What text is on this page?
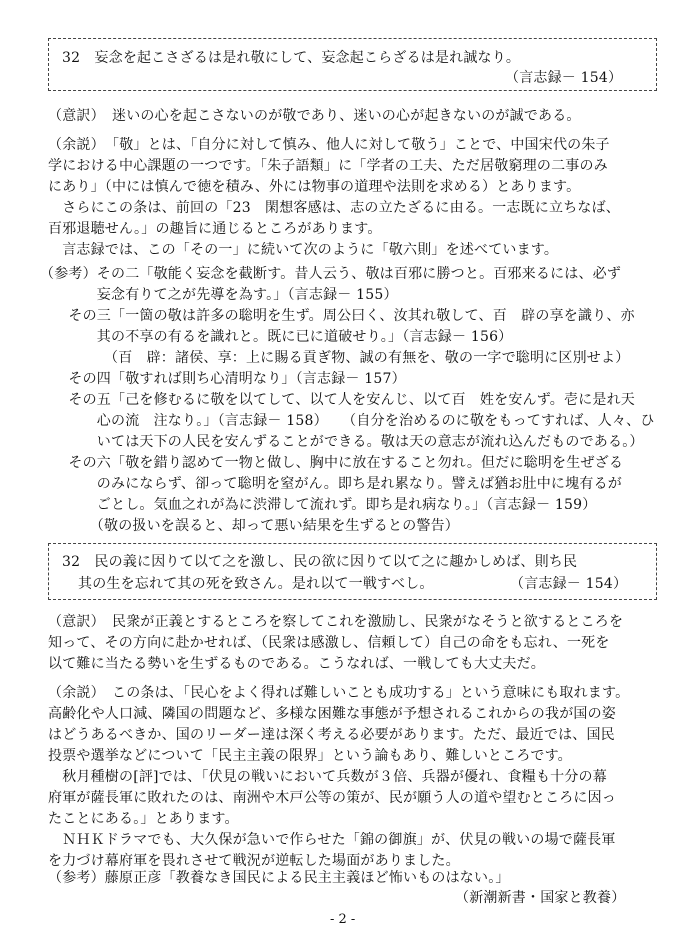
32　妄念を起こさざるは是れ敬にして、妄念起こらざるは是れ誠なり。
（言志録－ 154）
（意訳）　迷いの心を起こさないのが敬であり、迷いの心が起きないのが誠である。
（余説）　「敬」とは、「自分に対して慎み、他人に対して敬う」ことで、中国宋代の朱子
学における中心課題の一つです。「朱子語類」に「学者の工夫、ただ居敬窮理の二事のみ
にあり」（中には慎んで徳を積み、外には物事の道理や法則を求める）とあります。
　さらにこの条は、前回の「23　閑想客感は、志の立たざるに由る。一志既に立ちなば、
百邪退聴せん。」の趣旨に通じるところがあります。
　言志録では、この「その一」に続いて次のように「敬六則」を述べています。
（参考）その二「敬能く妄念を截断す。昔人云う、敬は百邪に勝つと。百邪来るには、必ず
　　　　妄念有りて之が先導を為す。」（言志録－ 155）
　　その三「一箇の敬は許多の聡明を生ず。周公曰く、汝其れ敬して、百　辟の享を識り、亦
　　　　其の不享の有るを識れと。既に已に道破せり。」（言志録－ 156）
　　　　　（百　辟：諸侯、享：上に賜る貢ぎ物、誠の有無を、敬の一字で聡明に区別せよ）
　　その四「敬すれば則ち心清明なり」（言志録－ 157）
　　その五「己を修むるに敬を以てして、以て人を安んじ、以て百　姓を安んず。壱に是れ天
　　　　心の流　注なり。」（言志録－ 158）　　（自分を治めるのに敬をもってすれば、人々、ひ
　　　　いては天下の人民を安んずることができる。敬は天の意志が流れ込んだものである。）
　　その六「敬を錯り認めて一物と做し、胸中に放在すること勿れ。但だに聡明を生ぜざる
　　　　のみにならず、卻って聡明を窒がん。即ち是れ累なり。譬えば猶お肚中に塊有るが
　　　　ごとし。気血之れが為に渋滞して流れず。即ち是れ病なり。」（言志録－ 159）
　　　　（敬の扱いを誤ると、却って悪い結果を生ずるとの警告）
32　民の義に因りて以て之を激し、民の欲に因りて以て之に趣かしめば、則ち民
其の生を忘れて其の死を致さん。是れ以て一戦すべし。	（言志録－ 154）
（意訳）　民衆が正義とするところを察してこれを激励し、民衆がなそうと欲するところを
知って、その方向に赴かせれば、（民衆は感激し、信頼して）自己の命をも忘れ、一死を
以て難に当たる勢いを生ずるものである。こうなれば、一戦しても大丈夫だ。
（余説）　この条は、「民心をよく得れば難しいことも成功する」という意味にも取れます。
高齢化や人口減、隣国の問題など、多様な困難な事態が予想されるこれからの我が国の姿
はどうあるべきか、国のリーダー達は深く考える必要があります。ただ、最近では、国民
投票や選挙などについて「民主主義の限界」という論もあり、難しいところです。
　秋月種樹の[評]では、「伏見の戦いにおいて兵数が３倍、兵器が優れ、食糧も十分の幕
府軍が薩長軍に敗れたのは、南洲や木戸公等の策が、民が願う人の道や望むところに因っ
たことにある。」とあります。
　ＮＨＫドラマでも、大久保が急いで作らせた「錦の御旗」が、伏見の戦いの場で薩長軍
を力づけ幕府軍を畏れさせて戦況が逆転した場面がありました。
（参考）藤原正彦「教養なき国民による民主主義ほど怖いものはない。」
（新潮新書・国家と教養）
- 2 -
